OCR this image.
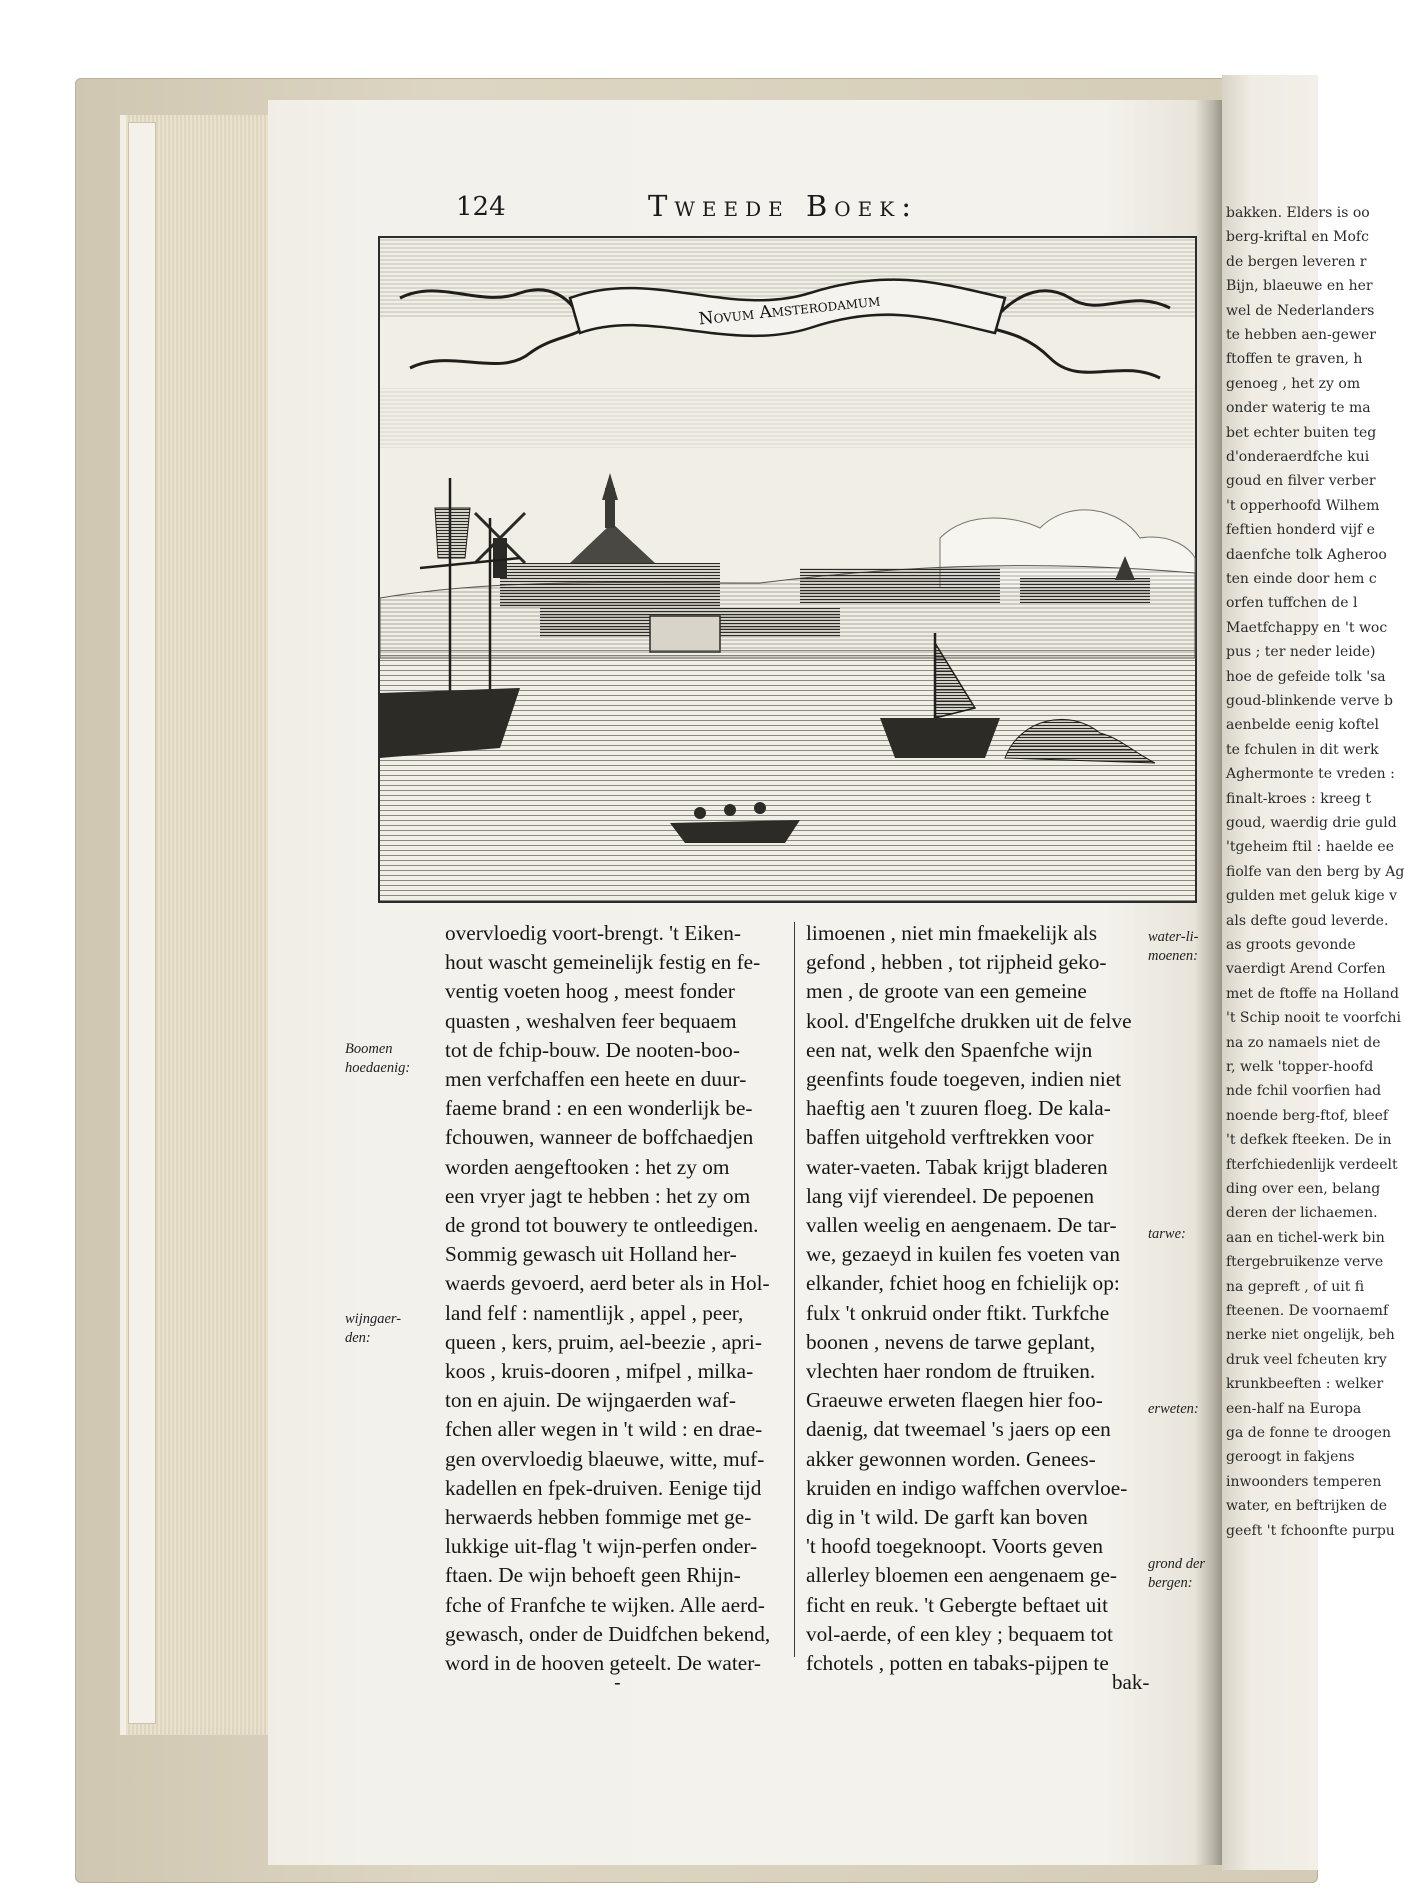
bakken. Elders is oo
berg-kriftal en Mofc
de bergen leveren r
Bijn, blaeuwe en her
wel de Nederlanders
te hebben aen-gewer
ftoffen te graven, h
genoeg , het zy om
onder waterig te ma
bet echter buiten teg
d'onderaerdfche kui
goud en filver verber
't opperhoofd Wilhem
feftien honderd vijf e
daenfche tolk Agheroo
ten einde door hem c
orfen tuffchen de l
Maetfchappy en 't woc
pus ; ter neder leide)
hoe de gefeide tolk 'sa
goud-blinkende verve b
aenbelde eenig koftel
te fchulen in dit werk
Aghermonte te vreden :
finalt-kroes : kreeg t
goud, waerdig drie guld
'tgeheim ftil : haelde ee
fiolfe van den berg by Ag
gulden met geluk kige v
als defte goud leverde.
as groots gevonde
vaerdigt Arend Corfen
met de ftoffe na Holland
't Schip nooit te voorfchi
na zo namaels niet de
r, welk 'topper-hoofd
nde fchil voorfien had
noende berg-ftof, bleef
't defkek fteeken. De in
fterfchiedenlijk verdeelt
ding over een, belang
deren der lichaemen.
aan en tichel-werk bin
ftergebruikenze verve
na gepreft , of uit fi
fteenen. De voornaemf
nerke niet ongelijk, beh
druk veel fcheuten kry
krunkbeeften : welker
een-half na Europa
ga de fonne te droogen
geroogt in fakjens
inwoonders temperen
water, en beftrijken de
geeft 't fchoonfte purpu
124	Tweede Boek:
Novum Amsterodamum
overvloedig voort-brengt. 't Eiken-
hout wascht gemeinelijk festig en fe-
ventig voeten hoog , meest fonder
quasten , weshalven feer bequaem
tot de fchip-bouw. De nooten-boo-
men verfchaffen een heete en duur-
faeme brand : en een wonderlijk be-
fchouwen, wanneer de boffchaedjen
worden aengeftooken : het zy om
een vryer jagt te hebben : het zy om
de grond tot bouwery te ontleedigen.
Sommig gewasch uit Holland her-
waerds gevoerd, aerd beter als in Hol-
land felf : namentlijk , appel , peer,
queen , kers, pruim, ael-beezie , apri-
koos , kruis-dooren , mifpel , milka-
ton en ajuin. De wijngaerden waf-
fchen aller wegen in 't wild : en drae-
gen overvloedig blaeuwe, witte, muf-
kadellen en fpek-druiven. Eenige tijd
herwaerds hebben fommige met ge-
lukkige uit-flag 't wijn-perfen onder-
ftaen. De wijn behoeft geen Rhijn-
fche of Franfche te wijken. Alle aerd-
gewasch, onder de Duidfchen bekend,
word in de hooven geteelt. De water-
limoenen , niet min fmaekelijk als
gefond , hebben , tot rijpheid geko-
men , de groote van een gemeine
kool. d'Engelfche drukken uit de felve
een nat, welk den Spaenfche wijn
geenfints foude toegeven, indien niet
haeftig aen 't zuuren floeg. De kala-
baffen uitgehold verftrekken voor
water-vaeten. Tabak krijgt bladeren
lang vijf vierendeel. De pepoenen
vallen weelig en aengenaem. De tar-
we, gezaeyd in kuilen fes voeten van
elkander, fchiet hoog en fchielijk op:
fulx 't onkruid onder ftikt. Turkfche
boonen , nevens de tarwe geplant,
vlechten haer rondom de ftruiken.
Graeuwe erweten flaegen hier foo-
daenig, dat tweemael 's jaers op een
akker gewonnen worden. Genees-
kruiden en indigo waffchen overvloe-
dig in 't wild. De garft kan boven
't hoofd toegeknoopt. Voorts geven
allerley bloemen een aengenaem ge-
ficht en reuk. 't Gebergte beftaet uit
vol-aerde, of een kley ; bequaem tot
fchotels , potten en tabaks-pijpen te
-	bak-
Boomen
hoedaenig:
wijngaer-
den:
water-li-
moenen:
tarwe:
erweten:
grond der
bergen:
